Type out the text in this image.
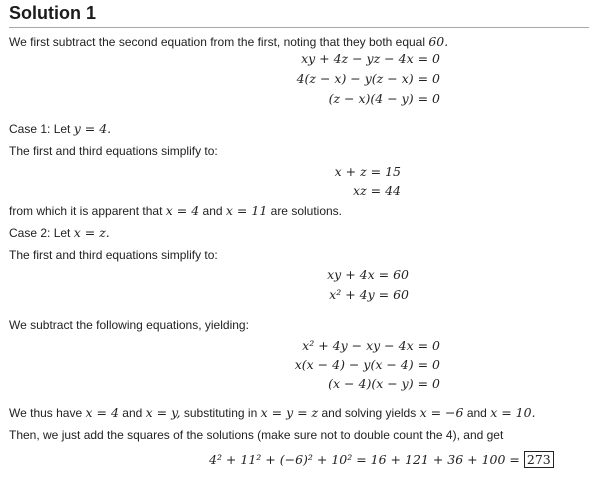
Solution 1
We first subtract the second equation from the first, noting that they both equal 60.
xy + 4z − yz − 4x = 0
4(z − x) − y(z − x) = 0
(z − x)(4 − y) = 0
Case 1: Let y = 4.
The first and third equations simplify to:
x + z = 15
xz = 44
from which it is apparent that x = 4 and x = 11 are solutions.
Case 2: Let x = z.
The first and third equations simplify to:
xy + 4x = 60
x² + 4y = 60
We subtract the following equations, yielding:
x² + 4y − xy − 4x = 0
x(x − 4) − y(x − 4) = 0
(x − 4)(x − y) = 0
We thus have x = 4 and x = y, substituting in x = y = z and solving yields x = −6 and x = 10.
Then, we just add the squares of the solutions (make sure not to double count the 4), and get
4² + 11² + (−6)² + 10² = 16 + 121 + 36 + 100 = 273
